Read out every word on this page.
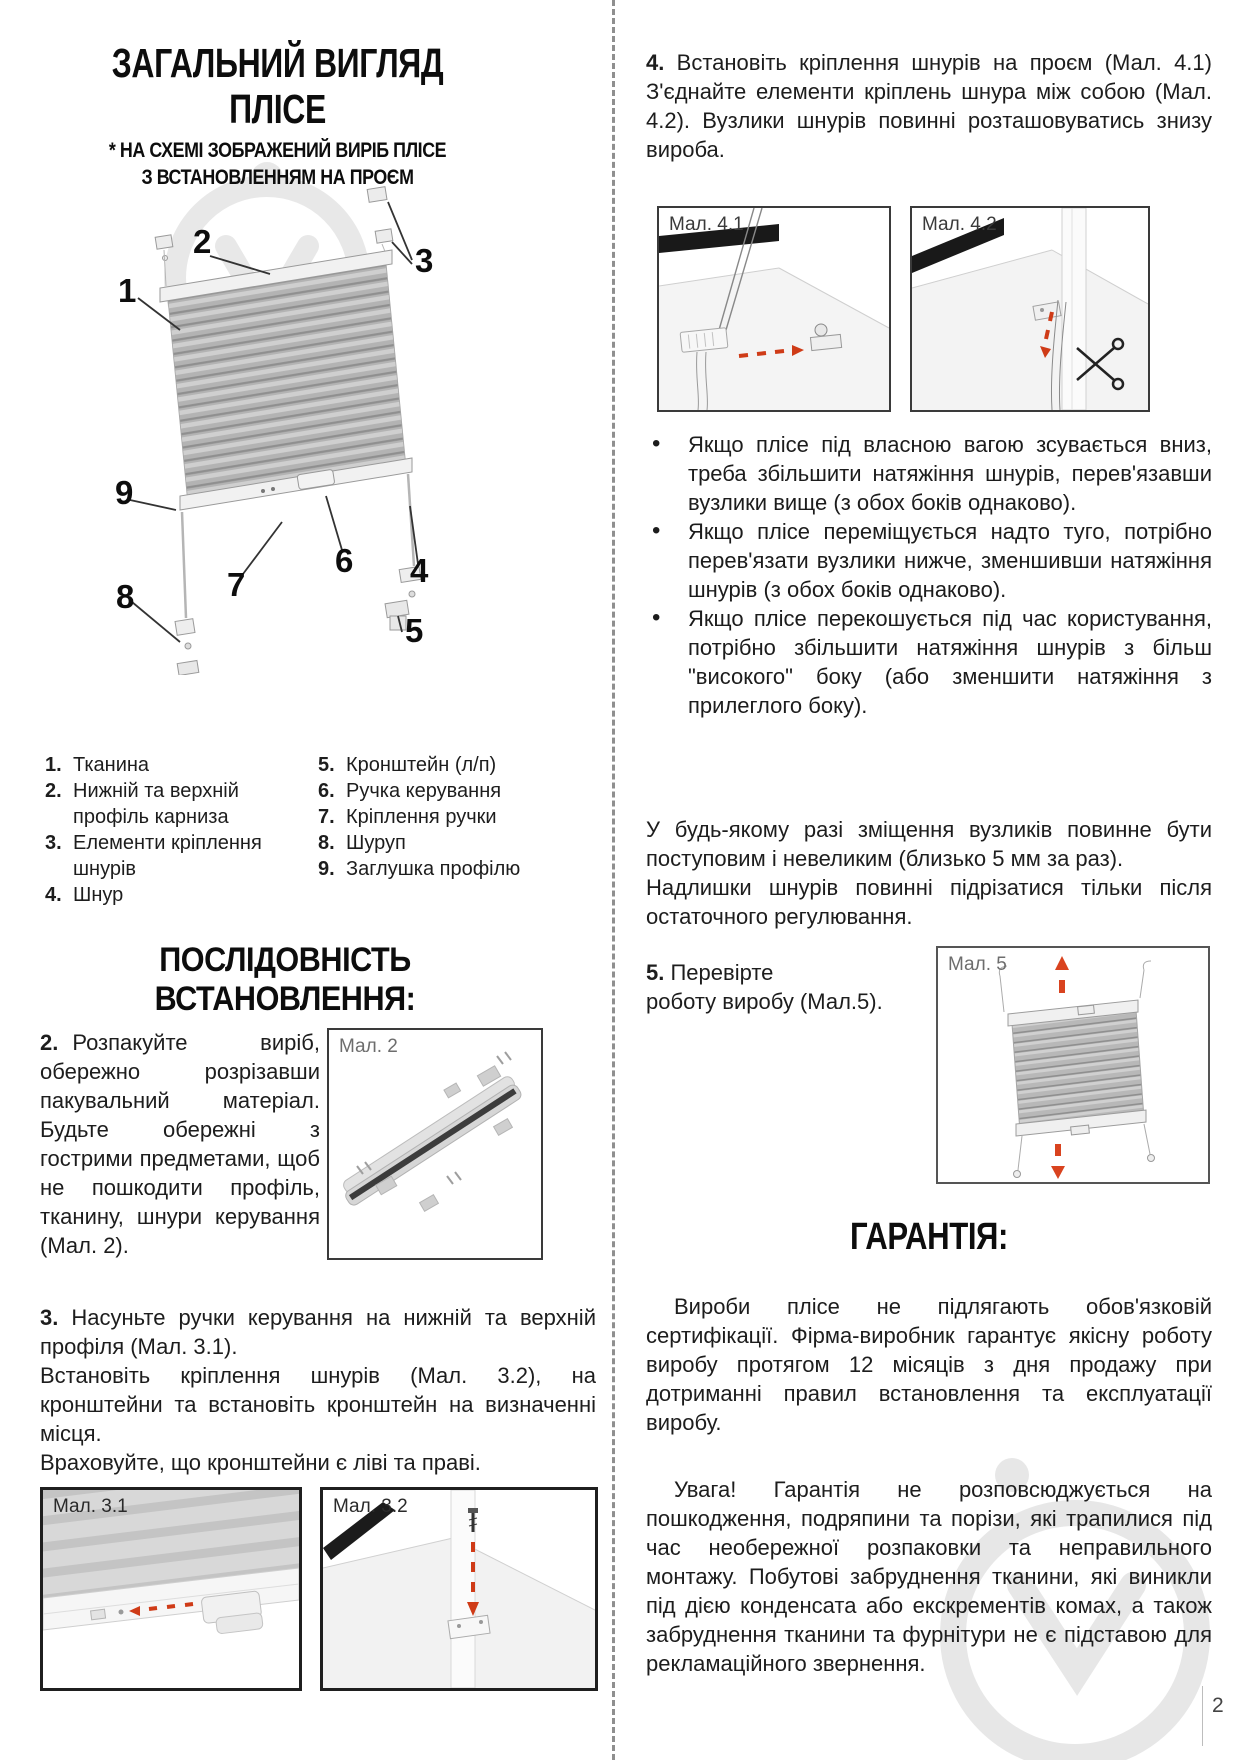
ЗАГАЛЬНИЙ ВИГЛЯД
ПЛІСЕ
* НА СХЕМІ ЗОБРАЖЕНИЙ ВИРІБ ПЛІСЕ
З ВСТАНОВЛЕННЯМ НА ПРОЄМ
1
2
3
4
5
6
7
8
9
1. Тканина
2. Нижній та верхній профіль карниза
3. Елементи кріплення шнурів
4. Шнур
5. Кронштейн (л/п)
6. Ручка керування
7. Кріплення ручки
8. Шуруп
9. Заглушка профілю
ПОСЛІДОВНІСТЬ ВСТАНОВЛЕННЯ:

2. Розпакуйте виріб, обережно розрізавши пакувальний матеріал. Будьте обережні з гострими предметами, щоб не пошкодити профіль, тканину, шнури керування (Мал. 2).

Мал. 2

3. Насуньте ручки керування на нижній та верхній профіля (Мал. 3.1).

Встановіть кріплення шнурів (Мал. 3.2), на кронштейни та встановіть кронштейн на визначенні місця.

Враховуйте, що кронштейни є ліві та праві.

Мал. 3.1	Мал. 3.2

4. Встановіть кріплення шнурів на проєм (Мал. 4.1) З'єднайте елементи кріплень шнура між собою (Мал. 4.2). Вузлики шнурів повинні розташовуватись знизу вироба.

Мал. 4.1	Мал. 4.2
• Якщо плісе під власною вагою зсувається вниз, треба збільшити натяжіння шнурів, перев'язавши вузлики вище (з обох боків однаково).
• Якщо плісе переміщується надто туго, потрібно перев'язати вузлики нижче, зменшивши натяжіння шнурів (з обох боків однаково).
• Якщо плісе перекошується під час користування, потрібно збільшити натяжіння шнурів з більш "високого" боку (або зменшити натяжіння з прилеглого боку).

У будь-якому разі зміщення вузликів повинне бути поступовим і невеликим (близько 5 мм за раз).

Надлишки шнурів повинні підрізатися тільки після остаточного регулювання.

5. Перевірте

роботу виробу (Мал.5).

Мал. 5
ГАРАНТІЯ:

Вироби плісе не підлягають обов'язковій сертифікації. Фірма-виробник гарантує якісну роботу виробу протягом 12 місяців з дня продажу при дотриманні правил встановлення та експлуатації виробу.

Увага! Гарантія не розповсюджується на пошкодження, подряпини та порізи, які трапилися під час необережної розпаковки та неправильного монтажу. Побутові забруднення тканини, які виникли під дією конденсата або екскрементів комах, а також забруднення тканини та фурнітури не є підставою для рекламаційного звернення.

2
